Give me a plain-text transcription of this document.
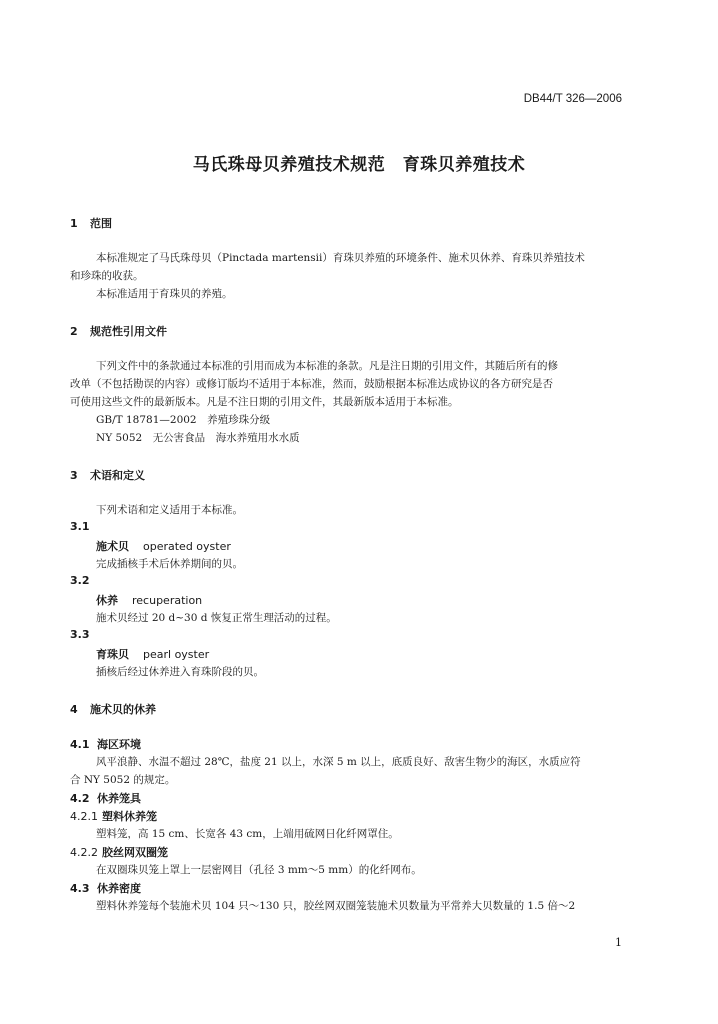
DB44/T 326—2006
马氏珠母贝养殖技术规范　育珠贝养殖技术
1 范围
本标准规定了马氏珠母贝（Pinctada martensii）育珠贝养殖的环境条件、施术贝休养、育珠贝养殖技术
和珍珠的收获。
本标准适用于育珠贝的养殖。
2 规范性引用文件
下列文件中的条款通过本标准的引用而成为本标准的条款。凡是注日期的引用文件，其随后所有的修
改单（不包括勘误的内容）或修订版均不适用于本标准，然而，鼓励根据本标准达成协议的各方研究是否
可使用这些文件的最新版本。凡是不注日期的引用文件，其最新版本适用于本标准。
GB/T 18781—2002　养殖珍珠分级
NY 5052　无公害食品　海水养殖用水水质
3 术语和定义
下列术语和定义适用于本标准。
3.1
施术贝 operated oyster
完成插核手术后休养期间的贝。
3.2
休养 recuperation
施术贝经过 20 d~30 d 恢复正常生理活动的过程。
3.3
育珠贝 pearl oyster
插核后经过休养进入育珠阶段的贝。
4 施术贝的休养
4.1 海区环境
风平浪静、水温不超过 28℃，盐度 21 以上，水深 5 m 以上，底质良好、敌害生物少的海区，水质应符
合 NY 5052 的规定。
4.2 休养笼具
4.2.1 塑料休养笼
塑料笼，高 15 cm、长宽各 43 cm，上端用硫网日化纤网罩住。
4.2.2 胶丝网双圈笼
在双圈珠贝笼上罩上一层密网目（孔径 3 mm～5 mm）的化纤网布。
4.3 休养密度
塑料休养笼每个装施术贝 104 只～130 只，胶丝网双圈笼装施术贝数量为平常养大贝数量的 1.5 倍～2
1
